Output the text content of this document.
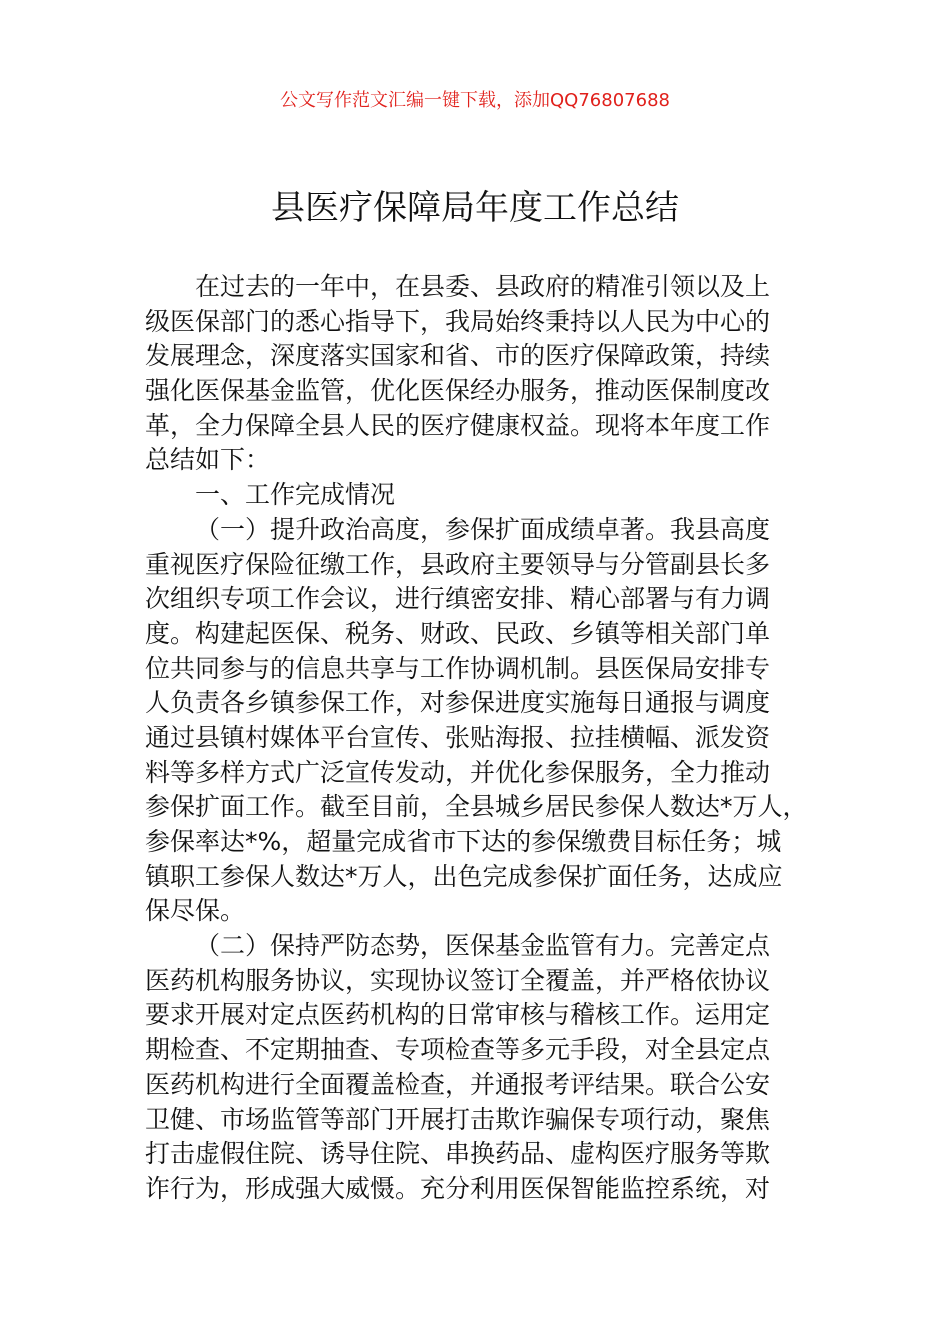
公文写作范文汇编一键下载，添加QQ76807688
县医疗保障局年度工作总结
在过去的一年中，在县委、县政府的精准引领以及上
级医保部门的悉心指导下，我局始终秉持以人民为中心的
发展理念，深度落实国家和省、市的医疗保障政策，持续
强化医保基金监管，优化医保经办服务，推动医保制度改
革，全力保障全县人民的医疗健康权益。现将本年度工作
总结如下：
一、工作完成情况
（一）提升政治高度，参保扩面成绩卓著。我县高度
重视医疗保险征缴工作，县政府主要领导与分管副县长多
次组织专项工作会议，进行缜密安排、精心部署与有力调
度。构建起医保、税务、财政、民政、乡镇等相关部门单
位共同参与的信息共享与工作协调机制。县医保局安排专
人负责各乡镇参保工作，对参保进度实施每日通报与调度
通过县镇村媒体平台宣传、张贴海报、拉挂横幅、派发资
料等多样方式广泛宣传发动，并优化参保服务，全力推动
参保扩面工作。截至目前，全县城乡居民参保人数达*万人，
参保率达*%，超量完成省市下达的参保缴费目标任务；城
镇职工参保人数达*万人，出色完成参保扩面任务，达成应
保尽保。
（二）保持严防态势，医保基金监管有力。完善定点
医药机构服务协议，实现协议签订全覆盖，并严格依协议
要求开展对定点医药机构的日常审核与稽核工作。运用定
期检查、不定期抽查、专项检查等多元手段，对全县定点
医药机构进行全面覆盖检查，并通报考评结果。联合公安
卫健、市场监管等部门开展打击欺诈骗保专项行动，聚焦
打击虚假住院、诱导住院、串换药品、虚构医疗服务等欺
诈行为，形成强大威慑。充分利用医保智能监控系统，对
